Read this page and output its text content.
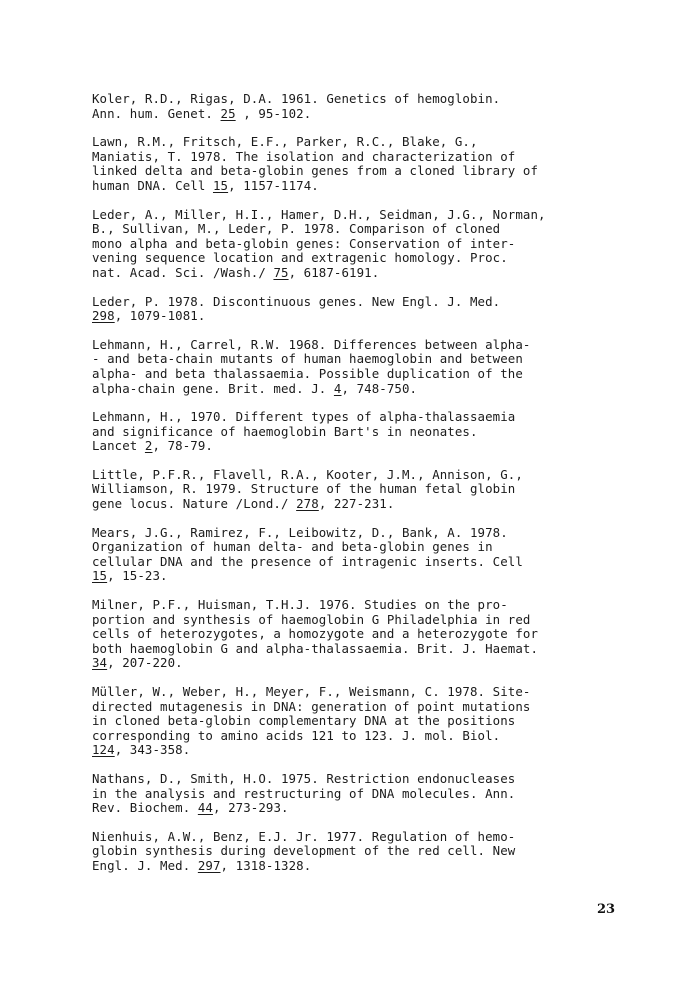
Koler, R.D., Rigas, D.A. 1961. Genetics of hemoglobin.
Ann. hum. Genet. 25 , 95-102.

Lawn, R.M., Fritsch, E.F., Parker, R.C., Blake, G.,
Maniatis, T. 1978. The isolation and characterization of
linked delta and beta-globin genes from a cloned library of
human DNA. Cell 15, 1157-1174.

Leder, A., Miller, H.I., Hamer, D.H., Seidman, J.G., Norman,
B., Sullivan, M., Leder, P. 1978. Comparison of cloned
mono alpha and beta-globin genes: Conservation of inter-
vening sequence location and extragenic homology. Proc.
nat. Acad. Sci. /Wash./ 75, 6187-6191.

Leder, P. 1978. Discontinuous genes. New Engl. J. Med.
298, 1079-1081.

Lehmann, H., Carrel, R.W. 1968. Differences between alpha-
- and beta-chain mutants of human haemoglobin and between
alpha- and beta thalassaemia. Possible duplication of the
alpha-chain gene. Brit. med. J. 4, 748-750.

Lehmann, H., 1970. Different types of alpha-thalassaemia
and significance of haemoglobin Bart's in neonates.
Lancet 2, 78-79.

Little, P.F.R., Flavell, R.A., Kooter, J.M., Annison, G.,
Williamson, R. 1979. Structure of the human fetal globin
gene locus. Nature /Lond./ 278, 227-231.

Mears, J.G., Ramirez, F., Leibowitz, D., Bank, A. 1978.
Organization of human delta- and beta-globin genes in
cellular DNA and the presence of intragenic inserts. Cell
15, 15-23.

Milner, P.F., Huisman, T.H.J. 1976. Studies on the pro-
portion and synthesis of haemoglobin G Philadelphia in red
cells of heterozygotes, a homozygote and a heterozygote for
both haemoglobin G and alpha-thalassaemia. Brit. J. Haemat.
34, 207-220.

Müller, W., Weber, H., Meyer, F., Weismann, C. 1978. Site-
directed mutagenesis in DNA: generation of point mutations
in cloned beta-globin complementary DNA at the positions
corresponding to amino acids 121 to 123. J. mol. Biol.
124, 343-358.

Nathans, D., Smith, H.O. 1975. Restriction endonucleases
in the analysis and restructuring of DNA molecules. Ann.
Rev. Biochem. 44, 273-293.

Nienhuis, A.W., Benz, E.J. Jr. 1977. Regulation of hemo-
globin synthesis during development of the red cell. New
Engl. J. Med. 297, 1318-1328.

23
